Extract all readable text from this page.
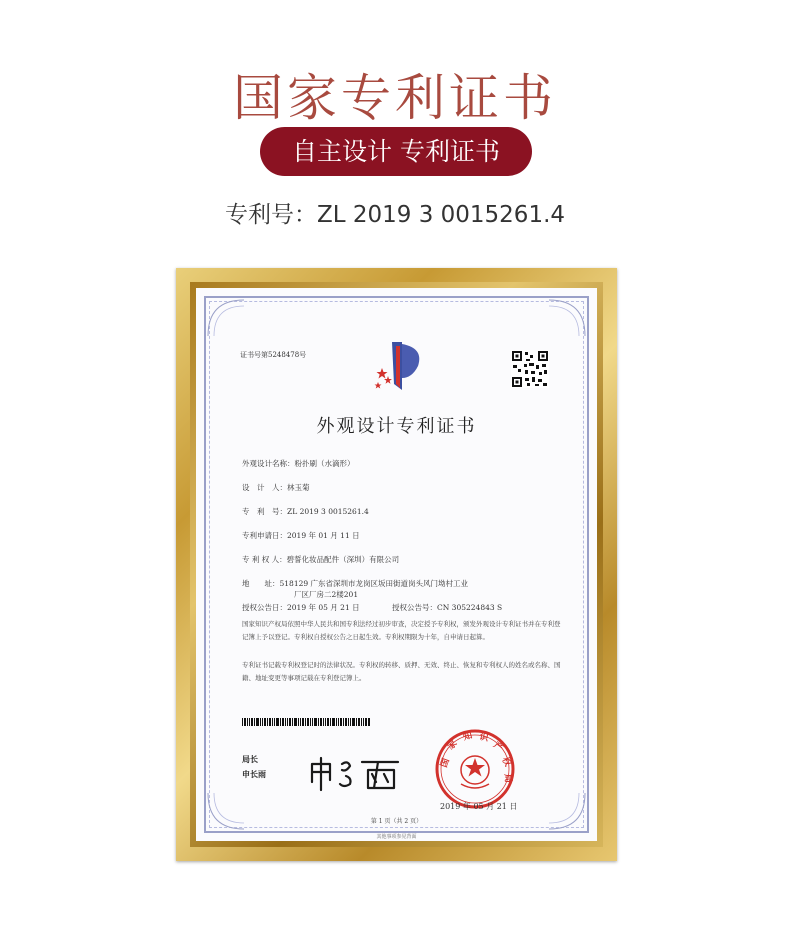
国家专利证书
自主设计 专利证书
专利号：ZL 2019 3 0015261.4
证书号第5248478号
外观设计专利证书
外观设计名称：粉扑刷（水滴形）
设　计　人：林玉菊
专　利　号：ZL 2019 3 0015261.4
专利申请日：2019 年 01 月 11 日
专 利 权 人：碧誓化妆品配件（深圳）有限公司
地　　址：518129 广东省深圳市龙岗区坂田街道岗头风门坳村工业
厂区厂房二2楼201
授权公告日：2019 年 05 月 21 日	授权公告号：CN 305224843 S
国家知识产权局依照中华人民共和国专利法经过初步审查，决定授予专利权，颁发外观设计专利证书并在专利登记簿上予以登记。专利权自授权公告之日起生效。专利权期限为十年，自申请日起算。
专利证书记载专利权登记时的法律状况。专利权的转移、质押、无效、终止、恢复和专利权人的姓名或名称、国籍、地址变更等事项记载在专利登记簿上。
局长
申长雨
国
家
知 识
产
权
局
2019 年 05 月 21 日
第 1 页（共 2 页）
其他事项参见背面
